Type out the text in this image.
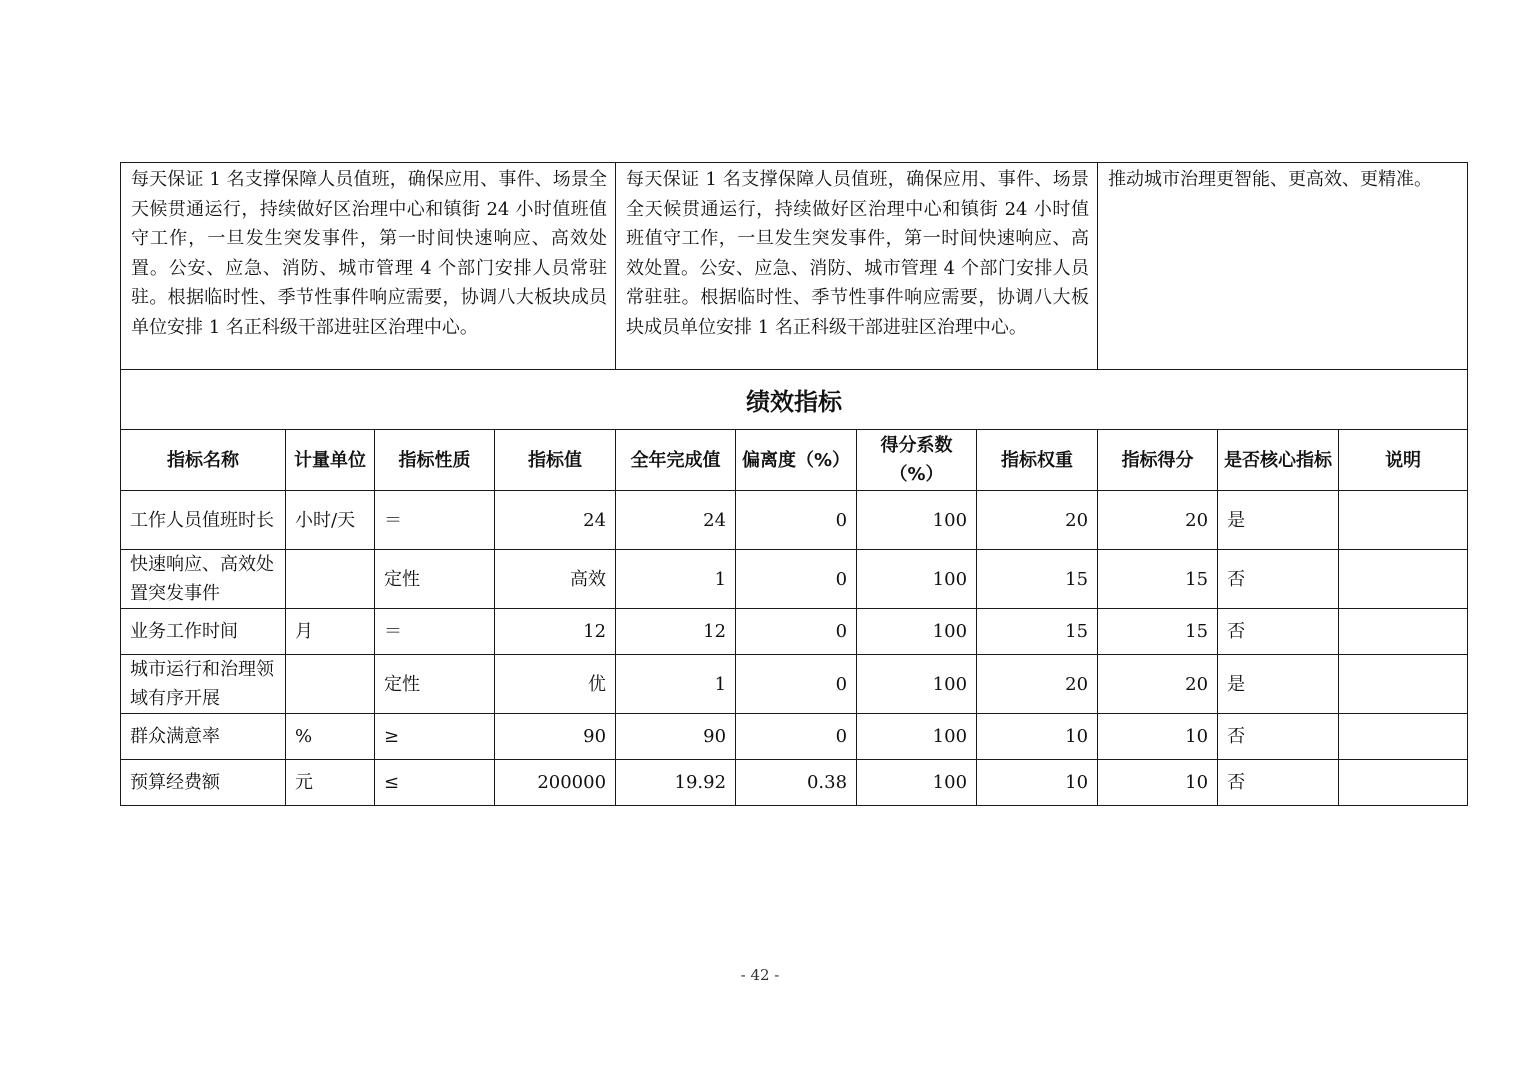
每天保证 1 名支撑保障人员值班，确保应用、事件、场景全天候贯通运行，持续做好区治理中心和镇街 24 小时值班值守工作，一旦发生突发事件，第一时间快速响应、高效处置。公安、应急、消防、城市管理 4 个部门安排人员常驻驻。根据临时性、季节性事件响应需要，协调八大板块成员单位安排 1 名正科级干部进驻区治理中心。				每天保证 1 名支撑保障人员值班，确保应用、事件、场景全天候贯通运行，持续做好区治理中心和镇街 24 小时值班值守工作，一旦发生突发事件，第一时间快速响应、高效处置。公安、应急、消防、城市管理 4 个部门安排人员常驻驻。根据临时性、季节性事件响应需要，协调八大板块成员单位安排 1 名正科级干部进驻区治理中心。				推动城市治理更智能、更高效、更精准。		
绩效指标										
指标名称	计量单位	指标性质	指标值	全年完成值	偏离度（%）	得分系数（%）	指标权重	指标得分	是否核心指标	说明
工作人员值班时长	小时/天	＝	24	24	0	100	20	20	是	
快速响应、高效处置突发事件		定性	高效	1	0	100	15	15	否	
业务工作时间	月	＝	12	12	0	100	15	15	否	
城市运行和治理领域有序开展		定性	优	1	0	100	20	20	是	
群众满意率	%	≥	90	90	0	100	10	10	否	
预算经费额	元	≤	200000	19.92	0.38	100	10	10	否	
- 42 -
